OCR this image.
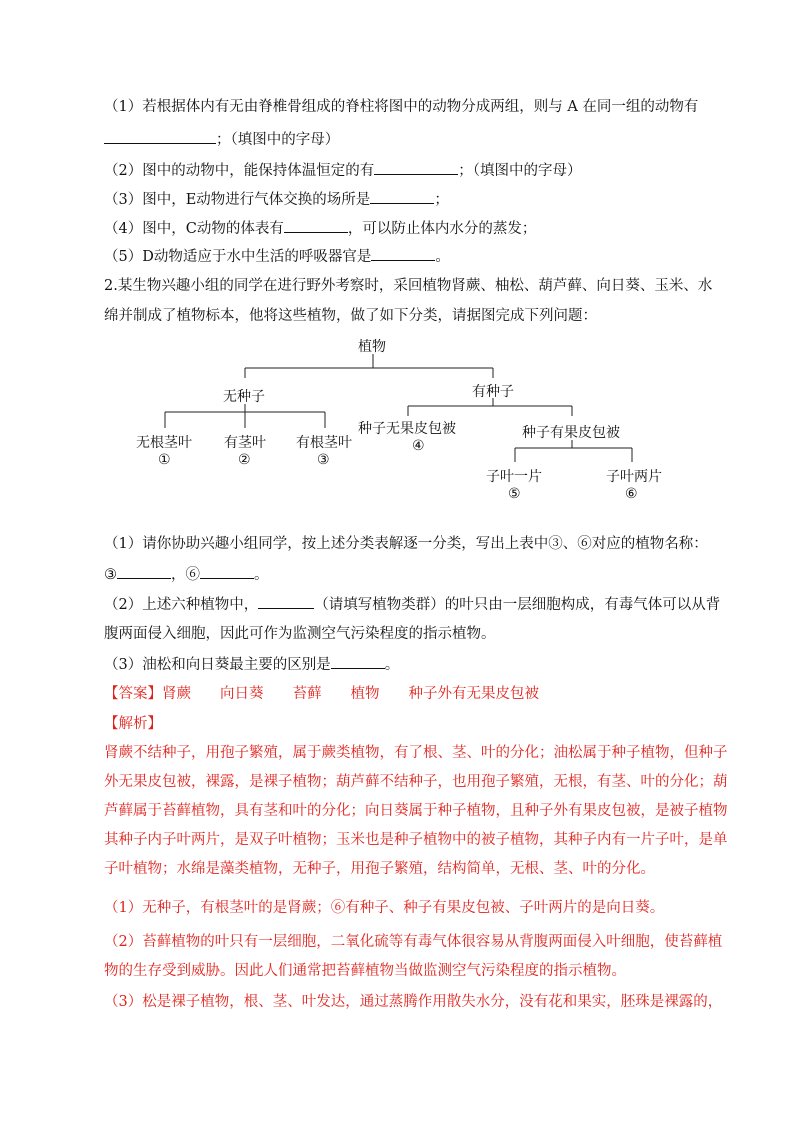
（1）若根据体内有无由脊椎骨组成的脊柱将图中的动物分成两组，则与 A 在同一组的动物有
；（填图中的字母）
（2）图中的动物中，能保持体温恒定的有	；（填图中的字母）
（3）图中，E动物进行气体交换的场所是	；
（4）图中，C动物的体表有	，可以防止体内水分的蒸发；
（5）D动物适应于水中生活的呼吸器官是	。
2.某生物兴趣小组的同学在进行野外考察时，采回植物肾蕨、柚松、葫芦藓、向日葵、玉米、水
绵并制成了植物标本，他将这些植物，做了如下分类，请据图完成下列问题：
植物
无种子	有种子
无根茎叶
①
有茎叶
②
有根茎叶
③
种子无果皮包被
④
种子有果皮包被
子叶一片
⑤
子叶两片
⑥
（1）请你协助兴趣小组同学，按上述分类表解逐一分类，写出上表中③、⑥对应的植物名称：
③	，⑥	。
（2）上述六种植物中，	（请填写植物类群）的叶只由一层细胞构成，有毒气体可以从背
腹两面侵入细胞，因此可作为监测空气污染程度的指示植物。
（3）油松和向日葵最主要的区别是	。
【答案】肾蕨　　向日葵　　苔藓　　植物　　种子外有无果皮包被
【解析】
肾蕨不结种子，用孢子繁殖，属于蕨类植物，有了根、茎、叶的分化；油松属于种子植物，但种子
外无果皮包被，裸露，是裸子植物；葫芦藓不结种子，也用孢子繁殖，无根，有茎、叶的分化；葫
芦藓属于苔藓植物，具有茎和叶的分化；向日葵属于种子植物，且种子外有果皮包被，是被子植物
其种子内子叶两片，是双子叶植物；玉米也是种子植物中的被子植物，其种子内有一片子叶，是单
子叶植物；水绵是藻类植物，无种子，用孢子繁殖，结构简单，无根、茎、叶的分化。
（1）无种子，有根茎叶的是肾蕨；⑥有种子、种子有果皮包被、子叶两片的是向日葵。
（2）苔藓植物的叶只有一层细胞，二氧化硫等有毒气体很容易从背腹两面侵入叶细胞，使苔藓植
物的生存受到威胁。因此人们通常把苔藓植物当做监测空气污染程度的指示植物。
（3）松是裸子植物，根、茎、叶发达，通过蒸腾作用散失水分，没有花和果实，胚珠是裸露的，
